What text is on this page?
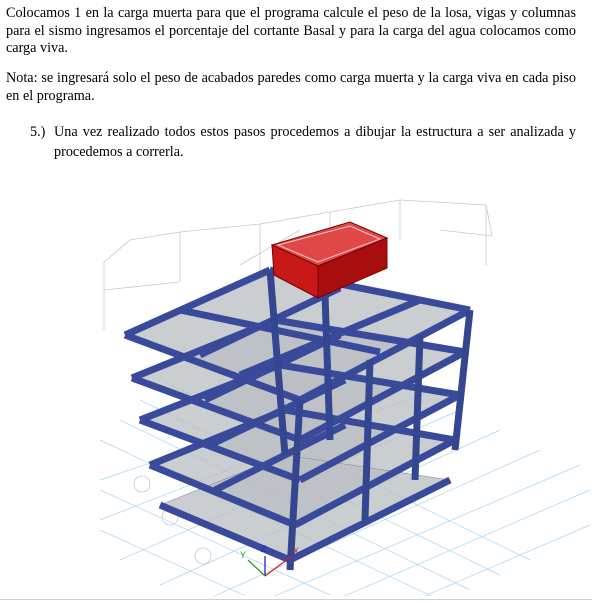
Colocamos 1 en la carga muerta para que el programa calcule el peso de la losa, vigas y columnas para el sismo ingresamos el porcentaje del cortante Basal y para la carga del agua colocamos como carga viva.

Nota: se ingresará solo el peso de acabados paredes como carga muerta y la carga viva en cada piso en el programa.

5.) Una vez realizado todos estos pasos procedemos a dibujar la estructura a ser analizada y procedemos a correrla.
Z
Y	X
